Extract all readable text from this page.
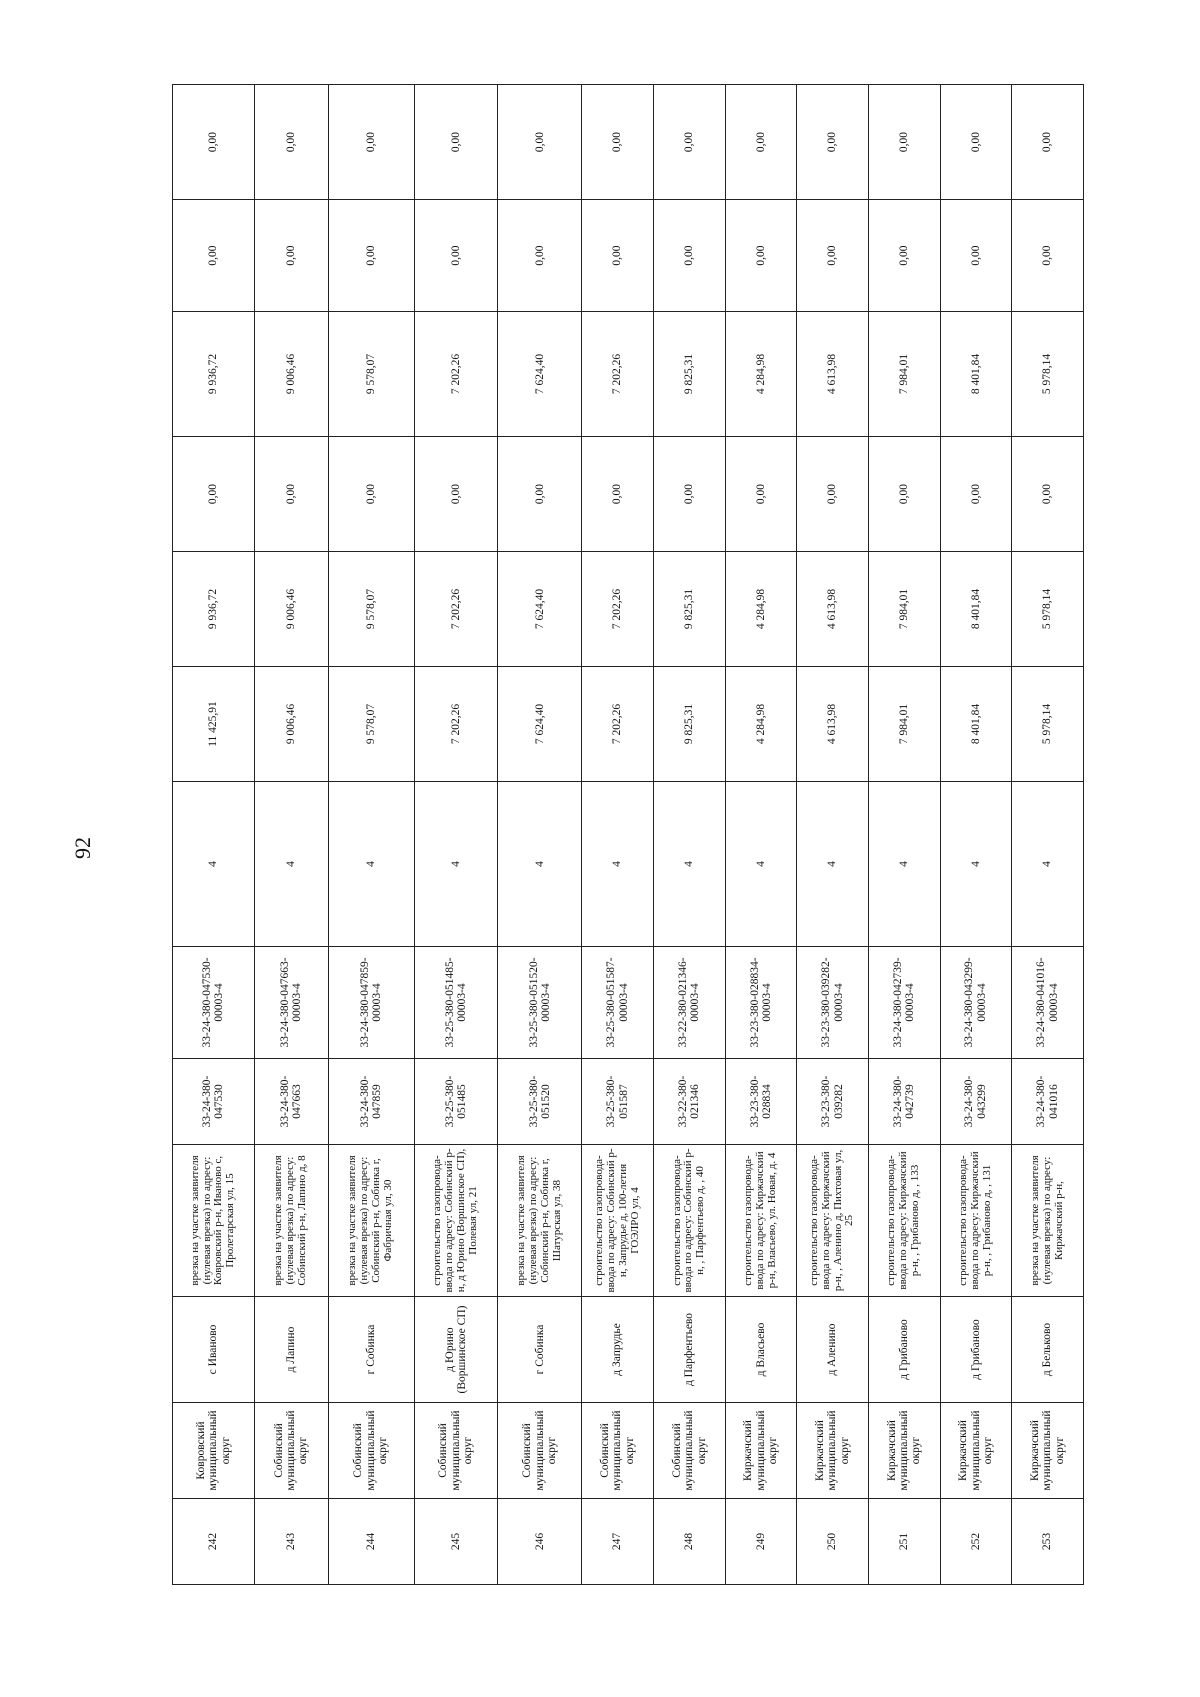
92
242	Ковровский муниципальный округ	с Иваново	врезка на участке заявителя (нулевая врезка) по адресу: Ковровский р-н, Иваново с, Пролетарская ул, 15	33-24-380-047530	33-24-380-047530-00003-4	4	11 425,91	9 936,72	0,00	9 936,72	0,00	0,00
243	Собинский муниципальный округ	д Лапино	врезка на участке заявителя (нулевая врезка) по адресу: Собинский р-н, Лапино д, 8	33-24-380-047663	33-24-380-047663-00003-4	4	9 006,46	9 006,46	0,00	9 006,46	0,00	0,00
244	Собинский муниципальный округ	г Собинка	врезка на участке заявителя (нулевая врезка) по адресу: Собинский р-н, Собинка г, Фабричная ул, 30	33-24-380-047859	33-24-380-047859-00003-4	4	9 578,07	9 578,07	0,00	9 578,07	0,00	0,00
245	Собинский муниципальный округ	д Юрино (Воршинское СП)	строительство газопровода-ввода по адресу: Собинский р-н, д Юрино (Воршинское СП), Полевая ул, 21	33-25-380-051485	33-25-380-051485-00003-4	4	7 202,26	7 202,26	0,00	7 202,26	0,00	0,00
246	Собинский муниципальный округ	г Собинка	врезка на участке заявителя (нулевая врезка) по адресу: Собинский р-н, Собинка г, Шатурская ул, 38	33-25-380-051520	33-25-380-051520-00003-4	4	7 624,40	7 624,40	0,00	7 624,40	0,00	0,00
247	Собинский муниципальный округ	д Запрудье	строительство газопровода-ввода по адресу: Собинский р-н, Запрудье д, 100-летия ГОЭЛРО ул, 4	33-25-380-051587	33-25-380-051587-00003-4	4	7 202,26	7 202,26	0,00	7 202,26	0,00	0,00
248	Собинский муниципальный округ	д Парфентьево	строительство газопровода-ввода по адресу: Собинский р-н, , Парфентьево д, , 40	33-22-380-021346	33-22-380-021346-00003-4	4	9 825,31	9 825,31	0,00	9 825,31	0,00	0,00
249	Киржачский муниципальный округ	д Власьево	строительство газопровода-ввода по адресу: Киржачский р-н, Власьево, ул. Новая, д. 4	33-23-380-028834	33-23-380-028834-00003-4	4	4 284,98	4 284,98	0,00	4 284,98	0,00	0,00
250	Киржачский муниципальный округ	д Аленино	строительство газопровода-ввода по адресу: Киржачский р-н, , Аленино д, Пихтовая ул, 25	33-23-380-039282	33-23-380-039282-00003-4	4	4 613,98	4 613,98	0,00	4 613,98	0,00	0,00
251	Киржачский муниципальный округ	д Грибаново	строительство газопровода-ввода по адресу: Киржачский р-н, , Грибаново д, , 133	33-24-380-042739	33-24-380-042739-00003-4	4	7 984,01	7 984,01	0,00	7 984,01	0,00	0,00
252	Киржачский муниципальный округ	д Грибаново	строительство газопровода-ввода по адресу: Киржачский р-н, , Грибаново д, , 131	33-24-380-043299	33-24-380-043299-00003-4	4	8 401,84	8 401,84	0,00	8 401,84	0,00	0,00
253	Киржачский муниципальный округ	д Бельково	врезка на участке заявителя (нулевая врезка) по адресу: Киржачский р-н,	33-24-380-041016	33-24-380-041016-00003-4	4	5 978,14	5 978,14	0,00	5 978,14	0,00	0,00
